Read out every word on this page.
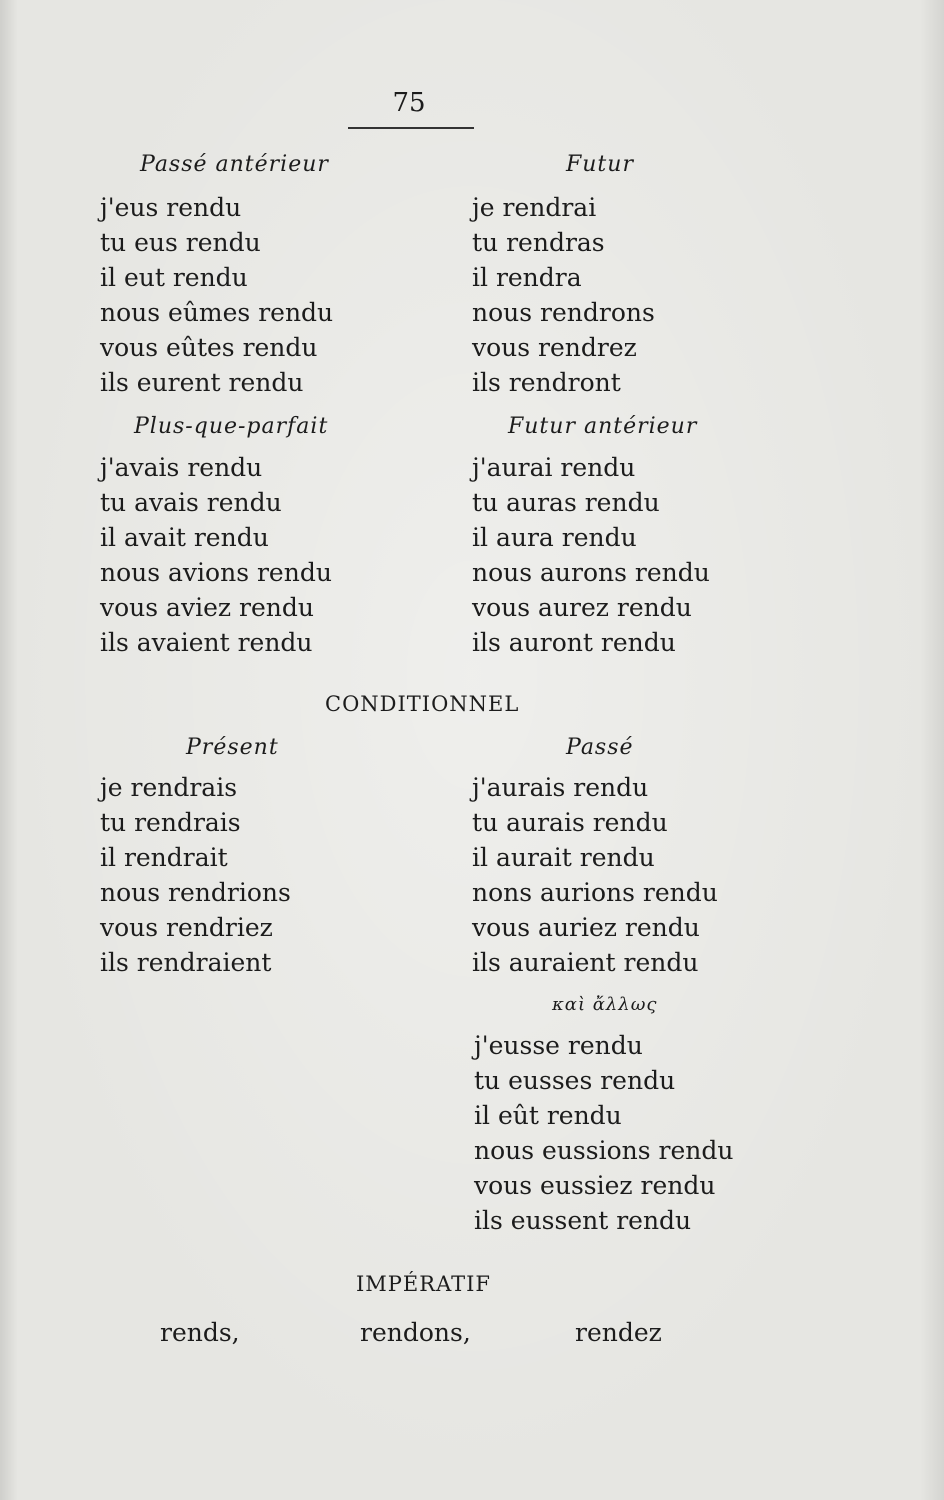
75
Passé antérieur
j'eus rendu
tu eus rendu
il eut rendu
nous eûmes rendu
vous eûtes rendu
ils eurent rendu
Futur
je rendrai
tu rendras
il rendra
nous rendrons
vous rendrez
ils rendront
Plus-que-parfait
j'avais rendu
tu avais rendu
il avait rendu
nous avions rendu
vous aviez rendu
ils avaient rendu
Futur antérieur
j'aurai rendu
tu auras rendu
il aura rendu
nous aurons rendu
vous aurez rendu
ils auront rendu
CONDITIONNEL
Présent
je rendrais
tu rendrais
il rendrait
nous rendrions
vous rendriez
ils rendraient
Passé
j'aurais rendu
tu aurais rendu
il aurait rendu
nons aurions rendu
vous auriez rendu
ils auraient rendu
καὶ ἄλλως
j'eusse rendu
tu eusses rendu
il eût rendu
nous eussions rendu
vous eussiez rendu
ils eussent rendu
IMPÉRATIF
rends,	rendons,	rendez
